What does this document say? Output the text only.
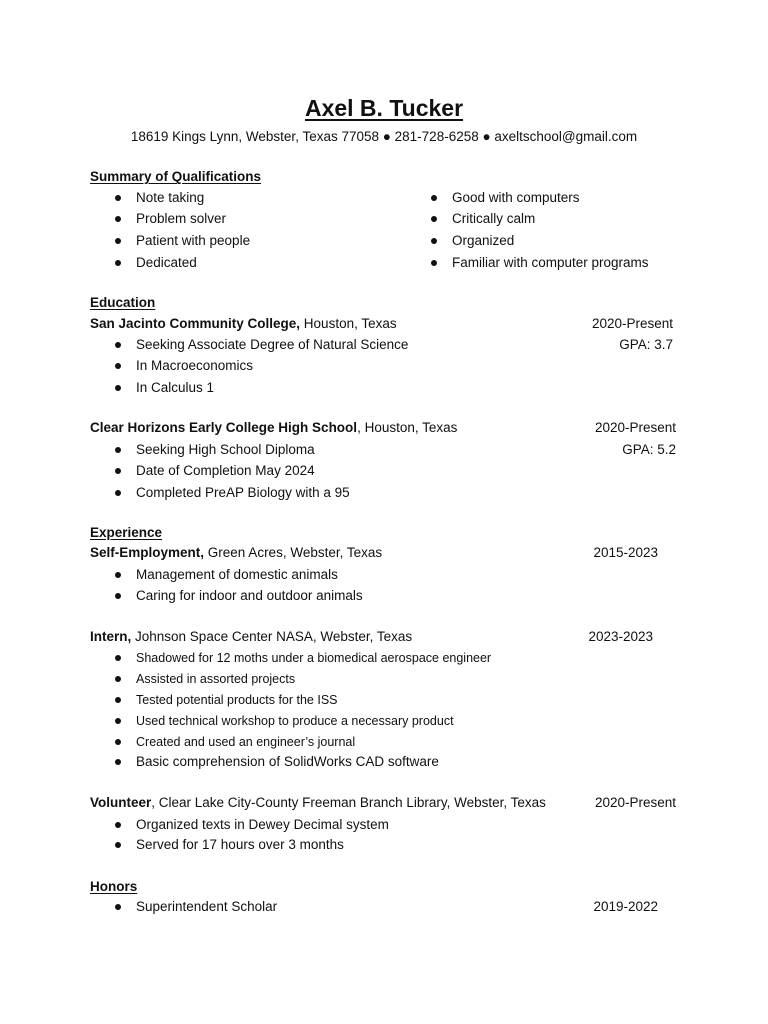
Axel B. Tucker
18619 Kings Lynn, Webster, Texas 77058 ● 281-728-6258 ● axeltschool@gmail.com
Summary of Qualifications
Note taking
Problem solver
Patient with people
Dedicated
Good with computers
Critically calm
Organized
Familiar with computer programs
Education
San Jacinto Community College, Houston, Texas	2020-Present
GPA: 3.7
Seeking Associate Degree of Natural Science
In Macroeconomics
In Calculus 1
Clear Horizons Early College High School, Houston, Texas	2020-Present
GPA: 5.2
Seeking High School Diploma
Date of Completion May 2024
Completed PreAP Biology with a 95
Experience
Self-Employment, Green Acres, Webster, Texas	2015-2023
Management of domestic animals
Caring for indoor and outdoor animals
Intern, Johnson Space Center NASA, Webster, Texas	2023-2023
Shadowed for 12 moths under a biomedical aerospace engineer
Assisted in assorted projects
Tested potential products for the ISS
Used technical workshop to produce a necessary product
Created and used an engineer’s journal
Basic comprehension of SolidWorks CAD software
Volunteer, Clear Lake City-County Freeman Branch Library, Webster, Texas	2020-Present
Organized texts in Dewey Decimal system
Served for 17 hours over 3 months
Honors
Superintendent Scholar	2019-2022
